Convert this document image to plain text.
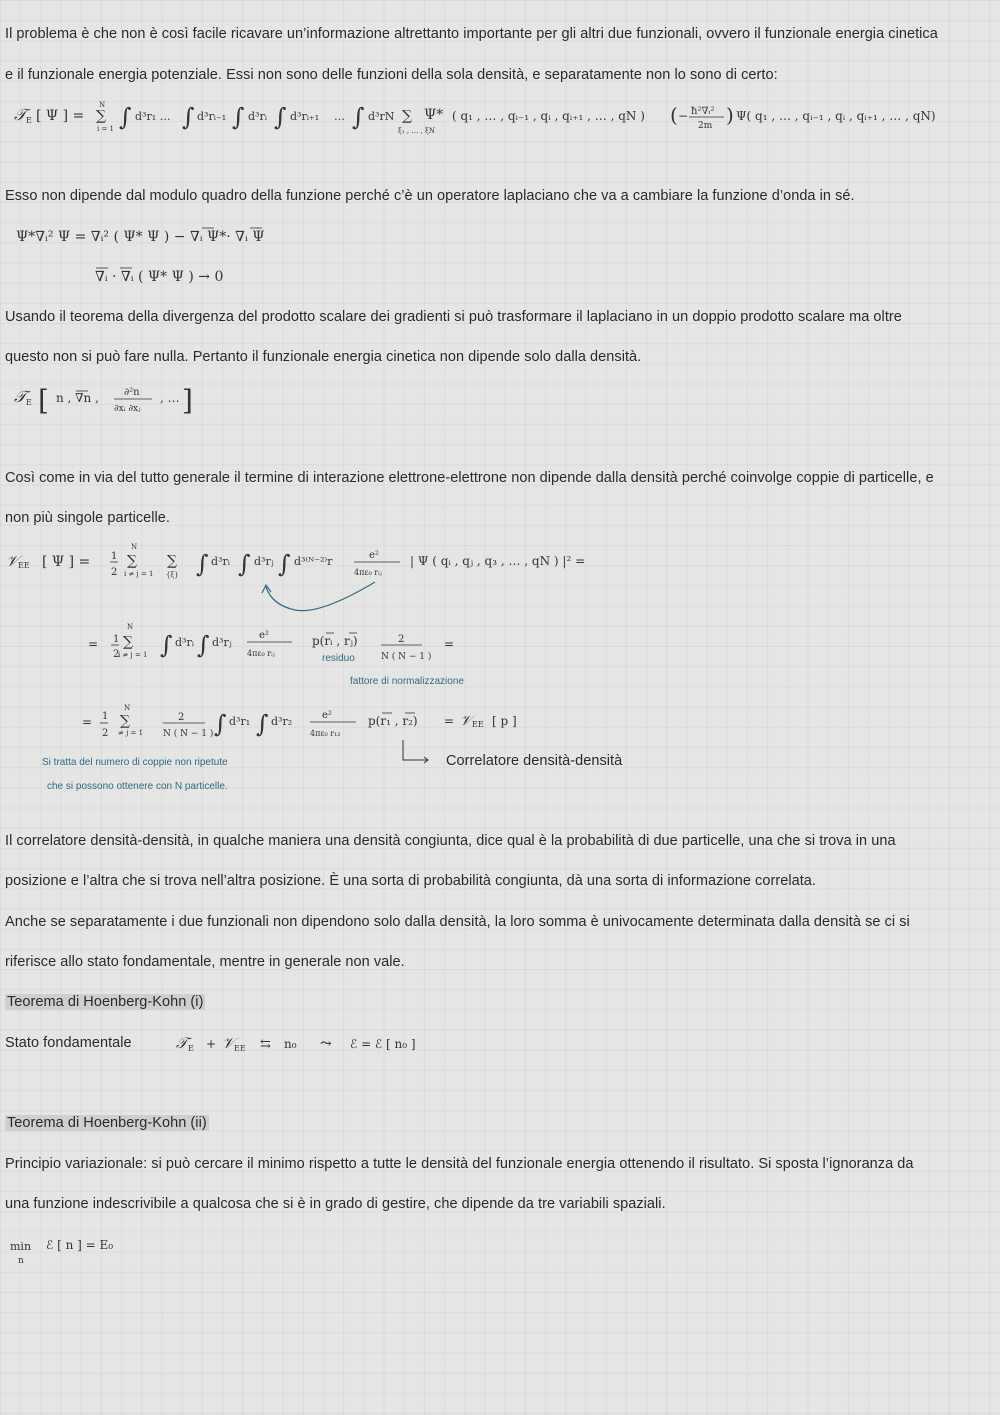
Il problema è che non è così facile ricavare un’informazione altrettanto importante per gli altri due funzionali, ovvero il funzionale energia cinetica
e il funzionale energia potenziale. Essi non sono delle funzioni della sola densità, e separatamente non lo sono di certo:
𝒯 E [ Ψ ] =
N
∑
i = 1 ∫ d³r₁ … ∫ d³rᵢ₋₁ ∫ d³rᵢ ∫ d³rᵢ₊₁ … ∫ d³rN ∑
ξ₁ , … , ξN
Ψ* ( q₁ , … , qᵢ₋₁ , qᵢ , qᵢ₊₁ , … , qN ) ( − ħ²∇ᵢ²
2m ) Ψ( q₁ , … , qᵢ₋₁ , qᵢ , qᵢ₊₁ , … , qN)
Esso non dipende dal modulo quadro della funzione perché c’è un operatore laplaciano che va a cambiare la funzione d’onda in sé.
Ψ*∇ᵢ² Ψ = ∇ᵢ² ( Ψ* Ψ ) − ∇ᵢ Ψ*· ∇ᵢ Ψ
∇ᵢ · ∇ᵢ ( Ψ* Ψ ) → 0
Usando il teorema della divergenza del prodotto scalare dei gradienti si può trasformare il laplaciano in un doppio prodotto scalare ma oltre
questo non si può fare nulla. Pertanto il funzionale energia cinetica non dipende solo dalla densità.
𝒯 E [ n , ∇n ,	∂²n
∂xᵢ ∂xⱼ
, … ]
Così come in via del tutto generale il termine di interazione elettrone-elettrone non dipende dalla densità perché coinvolge coppie di particelle, e
non più singole particelle.
𝒱 EE [ Ψ ] = 1
2
N
∑
i ≠ j = 1
∑
{ξ} ∫ d³rᵢ ∫ d³rⱼ ∫ d³⁽ᴺ⁻²⁾r	e²
4πε₀ rᵢⱼ
| Ψ ( qᵢ , qⱼ , q₃ , … , qN ) |² =
= 1
2
N
∑
i ≠ j = 1 ∫ d³rᵢ ∫ d³rⱼ
e²
4πε₀ rᵢⱼ
p(rᵢ , rⱼ)	2
N ( N − 1 )
=
= 1
2
N
∑
≠ j = 1
2
N ( N − 1 ) ∫ d³r₁ ∫ d³r₂	e²
4πε₀ r₁₂
p(r₁ , r₂) = 𝒱 EE [ p ]
residuo
fattore di normalizzazione
Si tratta del numero di coppie non ripetute
che si possono ottenere con N particelle.
Correlatore densità-densità
Il correlatore densità-densità, in qualche maniera una densità congiunta, dice qual è la probabilità di due particelle, una che si trova in una
posizione e l’altra che si trova nell’altra posizione. È una sorta di probabilità congiunta, dà una sorta di informazione correlata.
Anche se separatamente i due funzionali non dipendono solo dalla densità, la loro somma è univocamente determinata dalla densità se ci si
riferisce allo stato fondamentale, mentre in generale non vale.
Teorema di Hoenberg-Kohn (i)
Stato fondamentale	𝒯 E + 𝒱 EE ⇆ n₀ ⤳ ℰ = ℰ [ n₀ ]
Teorema di Hoenberg-Kohn (ii)
Principio variazionale: si può cercare il minimo rispetto a tutte le densità del funzionale energia ottenendo il risultato. Si sposta l’ignoranza da
una funzione indescrivibile a qualcosa che si è in grado di gestire, che dipende da tre variabili spaziali.
min
n
ℰ [ n ] = E₀
